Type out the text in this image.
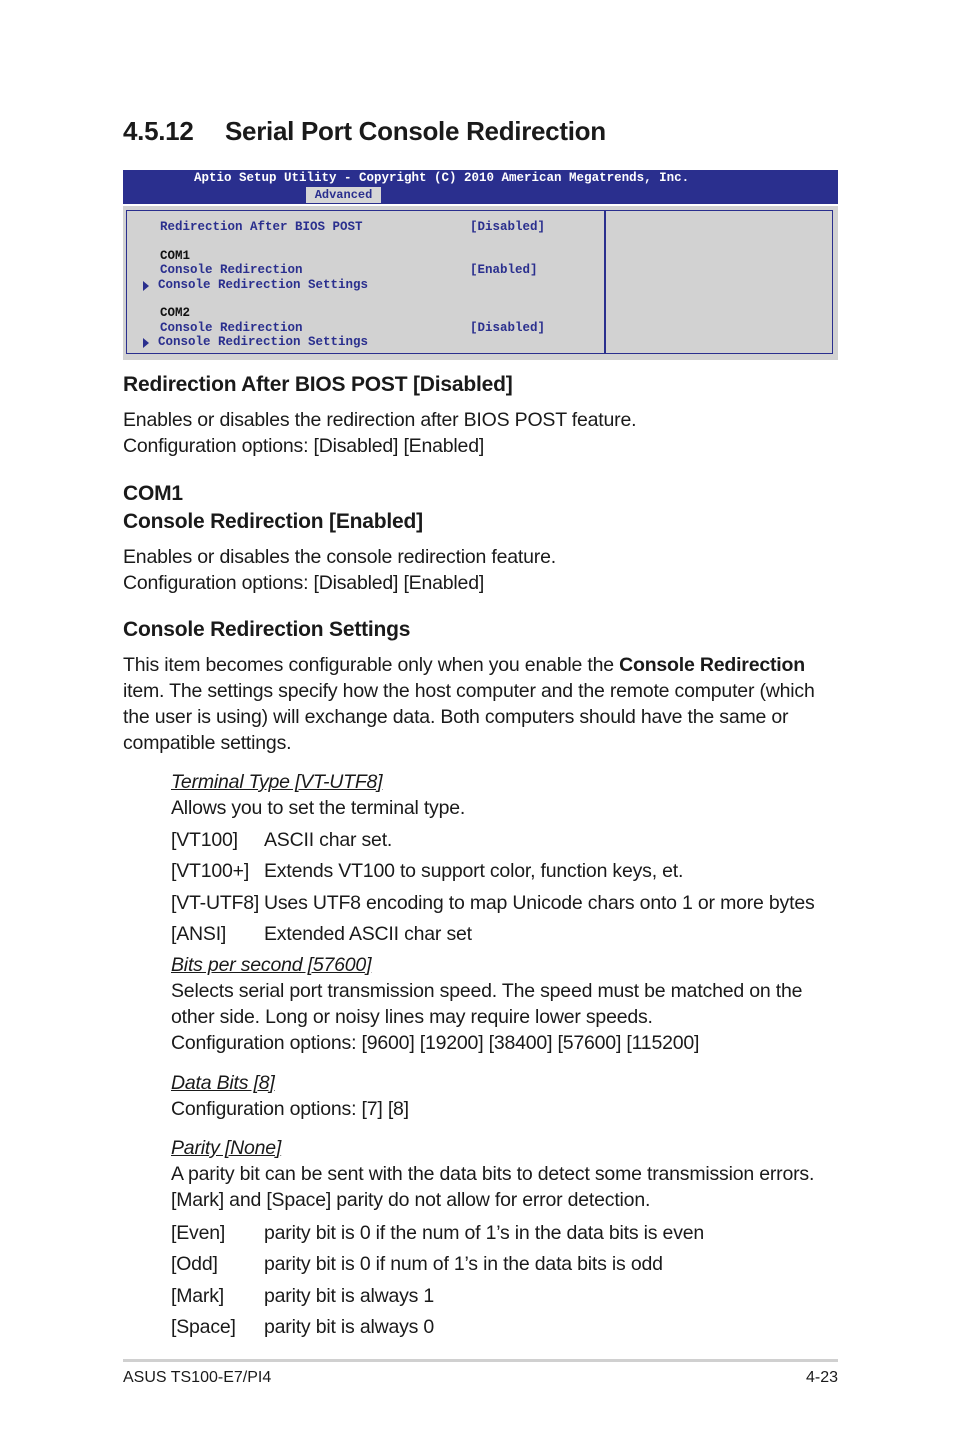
4.5.12 Serial Port Console Redirection
Aptio Setup Utility - Copyright (C) 2010 American Megatrends, Inc.
Advanced
Redirection After BIOS POST	[Disabled]
COM1
Console Redirection	[Enabled]
Console Redirection Settings
COM2
Console Redirection	[Disabled]
Console Redirection Settings
Redirection After BIOS POST [Disabled]
Enables or disables the redirection after BIOS POST feature.
Configuration options: [Disabled] [Enabled]
COM1
Console Redirection [Enabled]
Enables or disables the console redirection feature.
Configuration options: [Disabled] [Enabled]
Console Redirection Settings
This item becomes configurable only when you enable the Console Redirection
item. The settings specify how the host computer and the remote computer (which
the user is using) will exchange data. Both computers should have the same or
compatible settings.
Terminal Type [VT-UTF8]
Allows you to set the terminal type.
[VT100] ASCII char set.
[VT100+] Extends VT100 to support color, function keys, et.
[VT-UTF8] Uses UTF8 encoding to map Unicode chars onto 1 or more bytes
[ANSI] Extended ASCII char set
Bits per second [57600]
Selects serial port transmission speed. The speed must be matched on the
other side. Long or noisy lines may require lower speeds.
Configuration options: [9600] [19200] [38400] [57600] [115200]
Data Bits [8]
Configuration options: [7] [8]
Parity [None]
A parity bit can be sent with the data bits to detect some transmission errors.
[Mark] and [Space] parity do not allow for error detection.
[Even] parity bit is 0 if the num of 1’s in the data bits is even
[Odd] parity bit is 0 if num of 1’s in the data bits is odd
[Mark] parity bit is always 1
[Space] parity bit is always 0
ASUS TS100-E7/PI4	4-23
